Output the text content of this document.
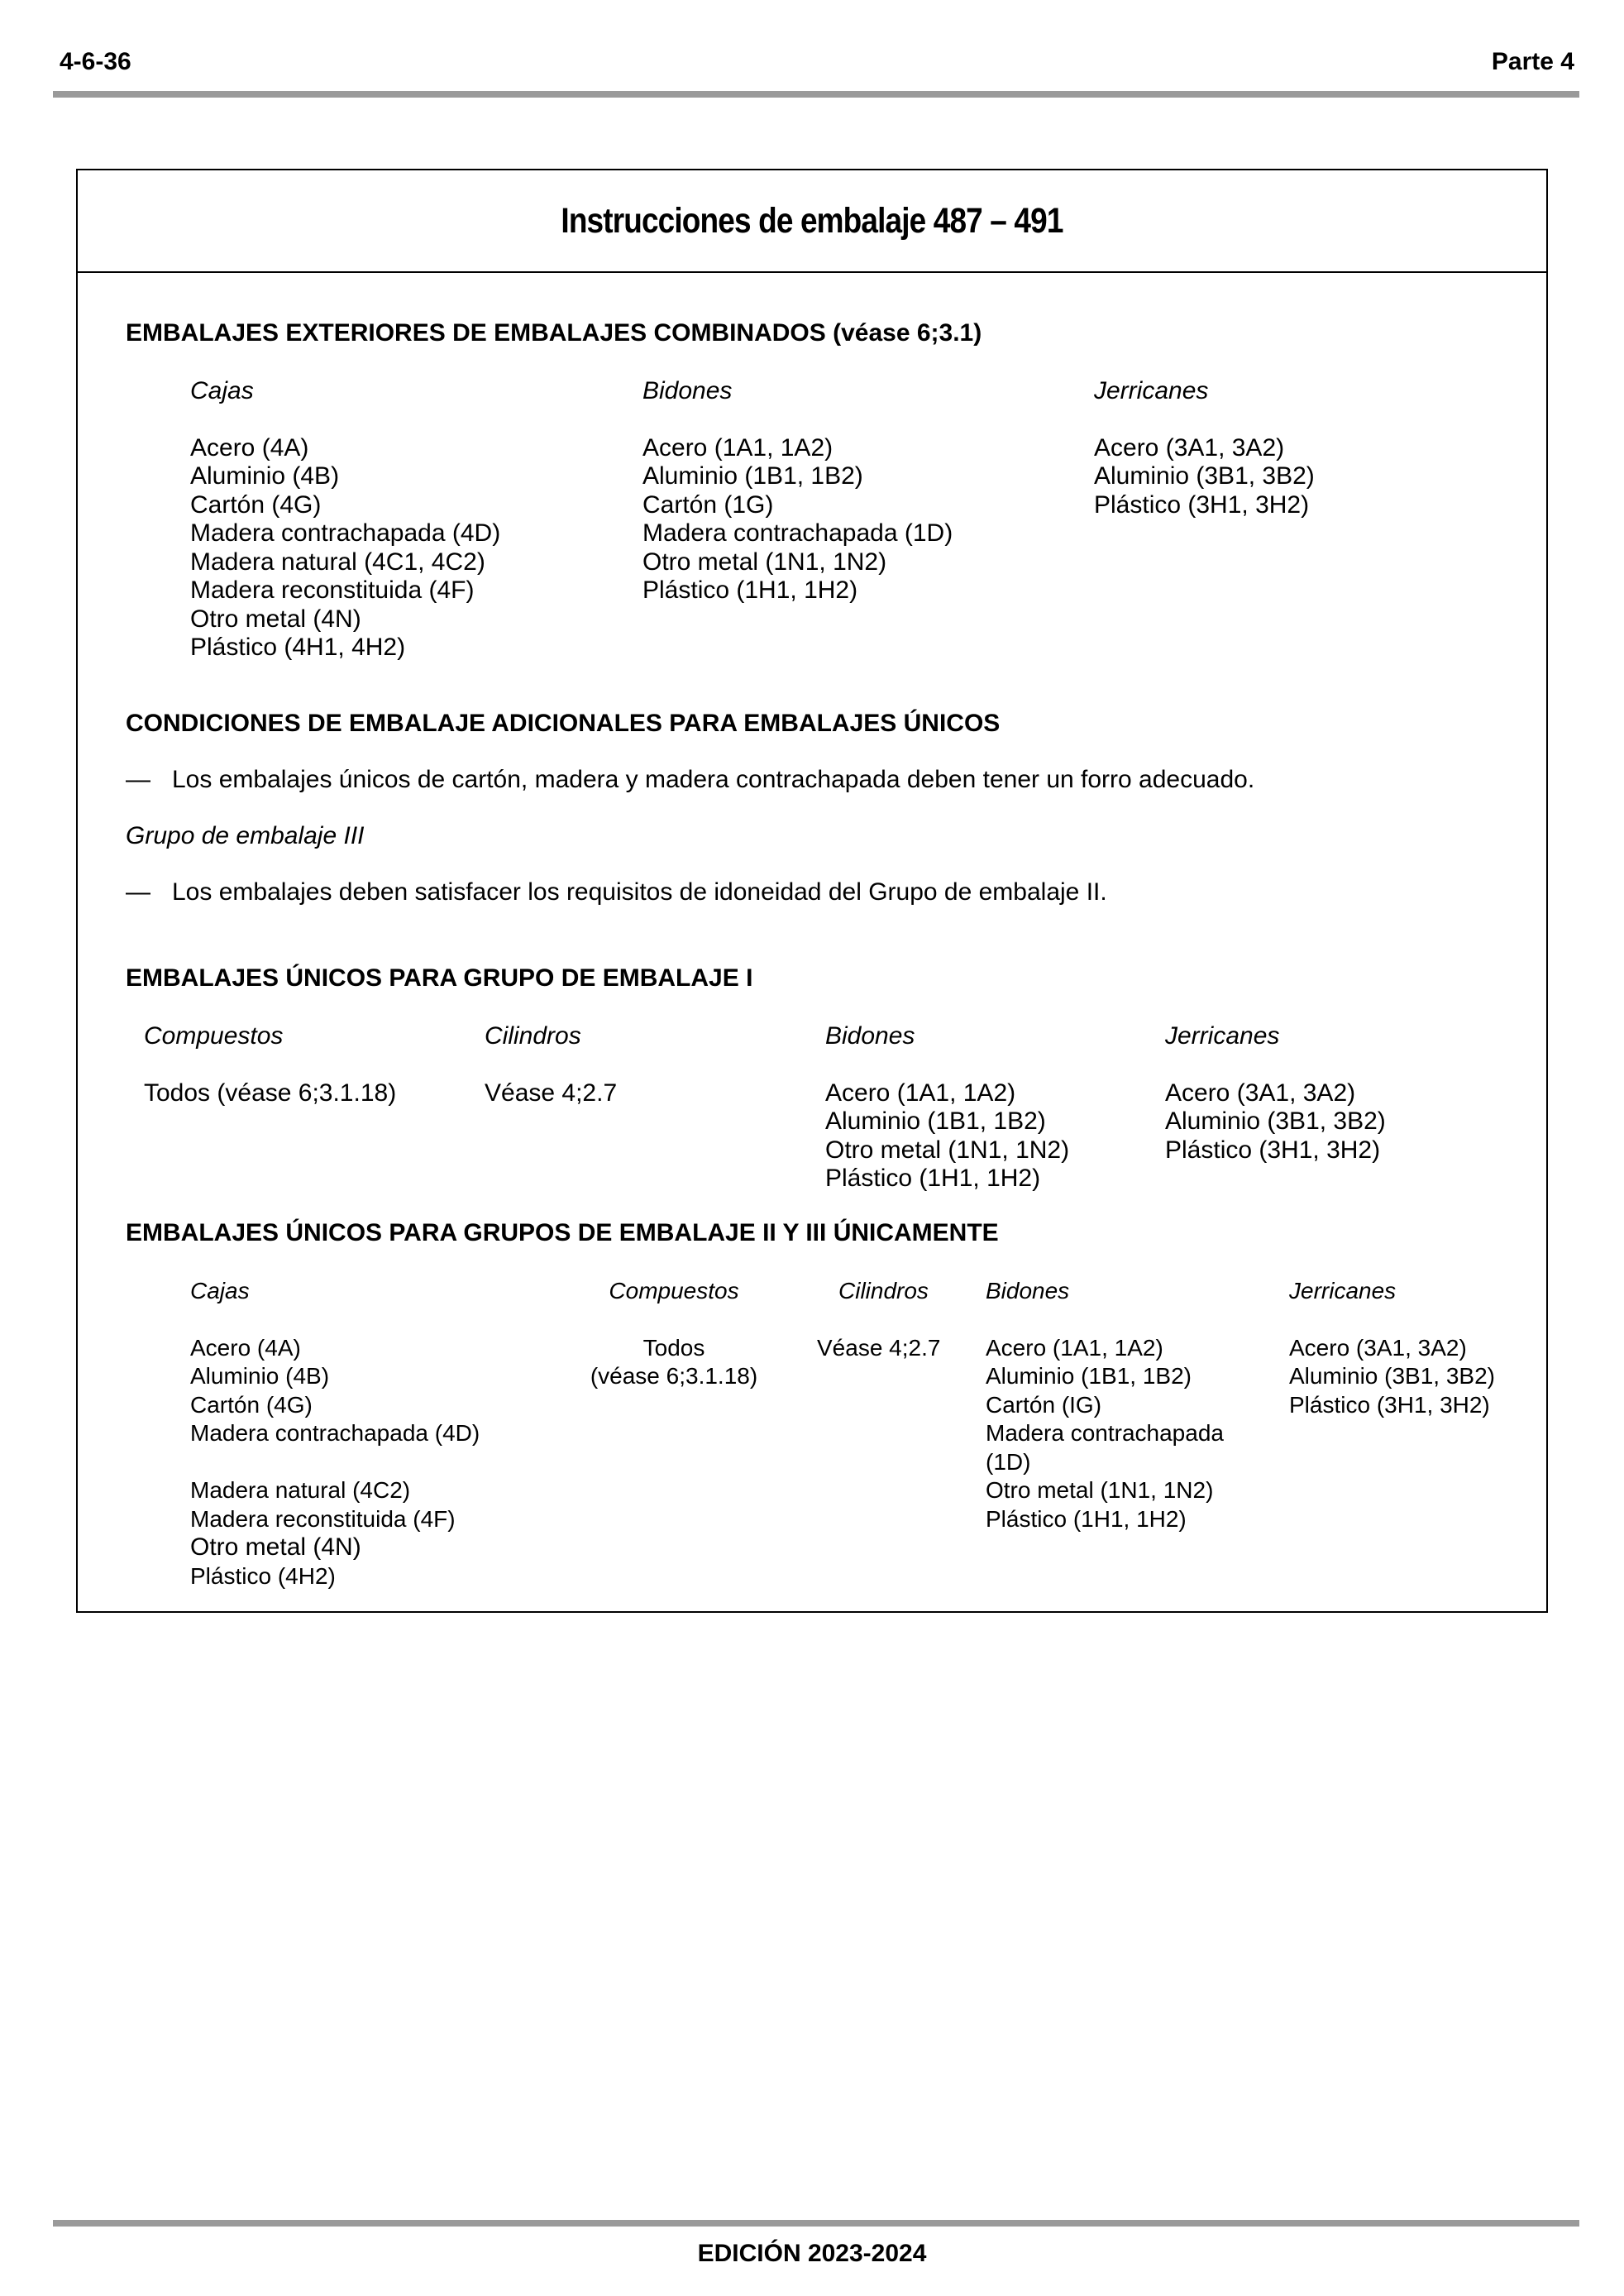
4-6-36	Parte 4
Instrucciones de embalaje 487 – 491
EMBALAJES EXTERIORES DE EMBALAJES COMBINADOS (véase 6;3.1)
Cajas
Acero (4A)
Aluminio (4B)
Cartón (4G)
Madera contrachapada (4D)
Madera natural (4C1, 4C2)
Madera reconstituida (4F)
Otro metal (4N)
Plástico (4H1, 4H2)
Bidones
Acero (1A1, 1A2)
Aluminio (1B1, 1B2)
Cartón (1G)
Madera contrachapada (1D)
Otro metal (1N1, 1N2)
Plástico (1H1, 1H2)
Jerricanes
Acero (3A1, 3A2)
Aluminio (3B1, 3B2)
Plástico (3H1, 3H2)
CONDICIONES DE EMBALAJE ADICIONALES PARA EMBALAJES ÚNICOS
— Los embalajes únicos de cartón, madera y madera contrachapada deben tener un forro adecuado.
Grupo de embalaje III
— Los embalajes deben satisfacer los requisitos de idoneidad del Grupo de embalaje II.
EMBALAJES ÚNICOS PARA GRUPO DE EMBALAJE I
Compuestos
Todos (véase 6;3.1.18)
Cilindros
Véase 4;2.7
Bidones
Acero (1A1, 1A2)
Aluminio (1B1, 1B2)
Otro metal (1N1, 1N2)
Plástico (1H1, 1H2)
Jerricanes
Acero (3A1, 3A2)
Aluminio (3B1, 3B2)
Plástico (3H1, 3H2)
EMBALAJES ÚNICOS PARA GRUPOS DE EMBALAJE II Y III ÚNICAMENTE
Cajas
Acero (4A)
Aluminio (4B)
Cartón (4G)
Madera contrachapada (4D)
Madera natural (4C2)
Madera reconstituida (4F)
Otro metal (4N)
Plástico (4H2)
Compuestos
Todos
(véase 6;3.1.18)
Cilindros
Véase 4;2.7
Bidones
Acero (1A1, 1A2)
Aluminio (1B1, 1B2)
Cartón (IG)
Madera contrachapada
(1D)
Otro metal (1N1, 1N2)
Plástico (1H1, 1H2)
Jerricanes
Acero (3A1, 3A2)
Aluminio (3B1, 3B2)
Plástico (3H1, 3H2)
EDICIÓN 2023-2024
